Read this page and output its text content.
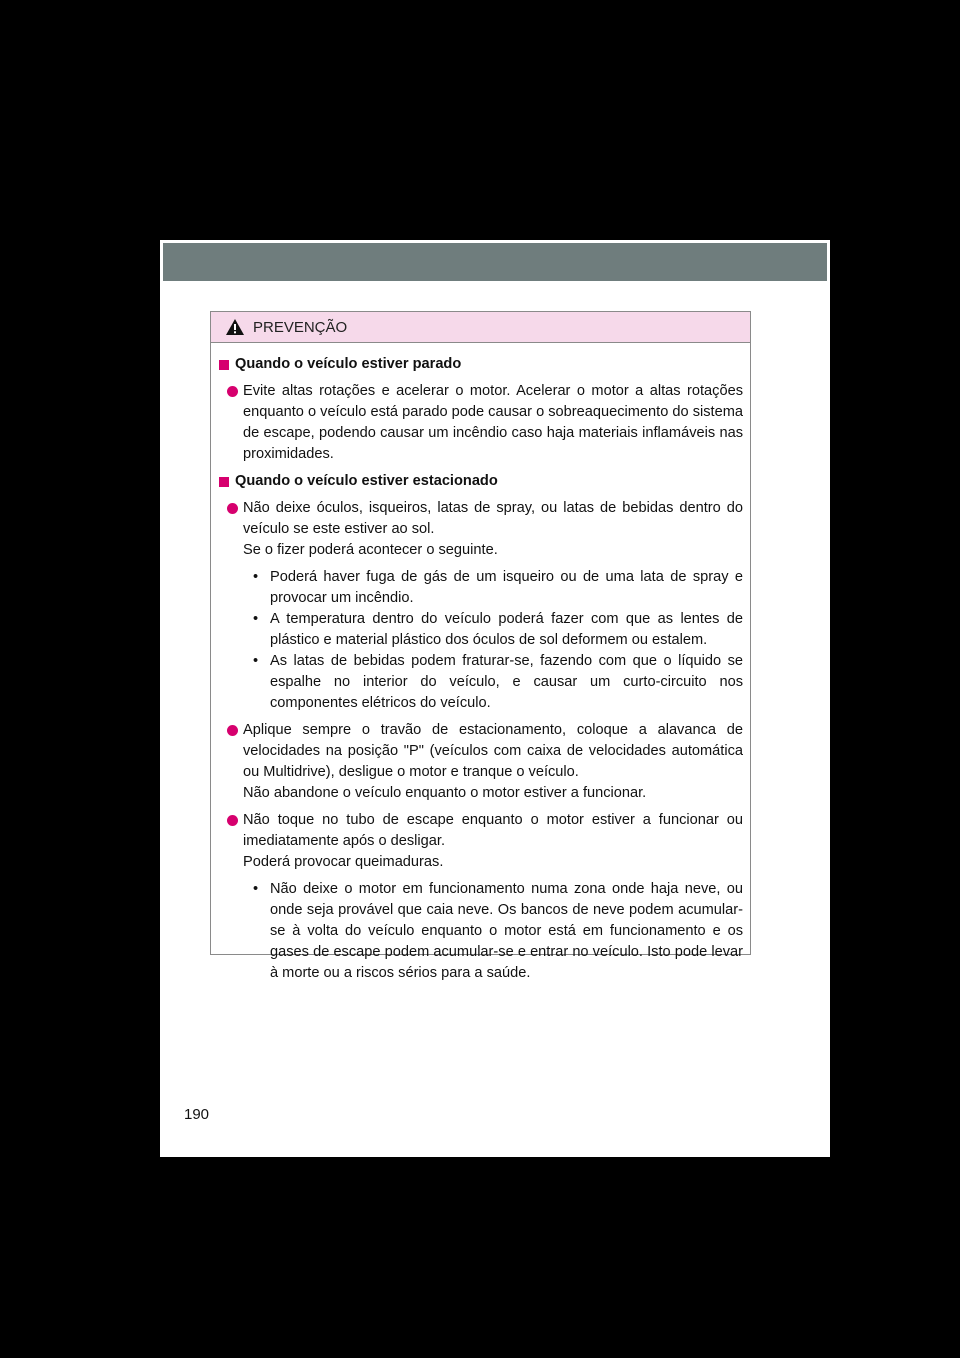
PREVENÇÃO
Quando o veículo estiver parado
Evite altas rotações e acelerar o motor. Acelerar o motor a altas rotações enquanto o veículo está parado pode causar o sobreaquecimento do sistema de escape, podendo causar um incêndio caso haja materiais inflamáveis nas proximidades.
Quando o veículo estiver estacionado
Não deixe óculos, isqueiros, latas de spray, ou latas de bebidas dentro do veículo se este estiver ao sol.
Se o fizer poderá acontecer o seguinte.
• Poderá haver fuga de gás de um isqueiro ou de uma lata de spray e provocar um incêndio.

• A temperatura dentro do veículo poderá fazer com que as lentes de plástico e material plástico dos óculos de sol deformem ou estalem.

• As latas de bebidas podem fraturar-se, fazendo com que o líquido se espalhe no interior do veículo, e causar um curto-circuito nos componentes elétricos do veículo.

Aplique sempre o travão de estacionamento, coloque a alavanca de velocidades na posição "P" (veículos com caixa de velocidades automática ou Multidrive), desligue o motor e tranque o veículo.
Não abandone o veículo enquanto o motor estiver a funcionar.
Não toque no tubo de escape enquanto o motor estiver a funcionar ou imediatamente após o desligar.
Poderá provocar queimaduras.
• Não deixe o motor em funcionamento numa zona onde haja neve, ou onde seja provável que caia neve. Os bancos de neve podem acumular-se à volta do veículo enquanto o motor está em funcionamento e os gases de escape podem acumular-se e entrar no veículo. Isto pode levar à morte ou a riscos sérios para a saúde.

190
